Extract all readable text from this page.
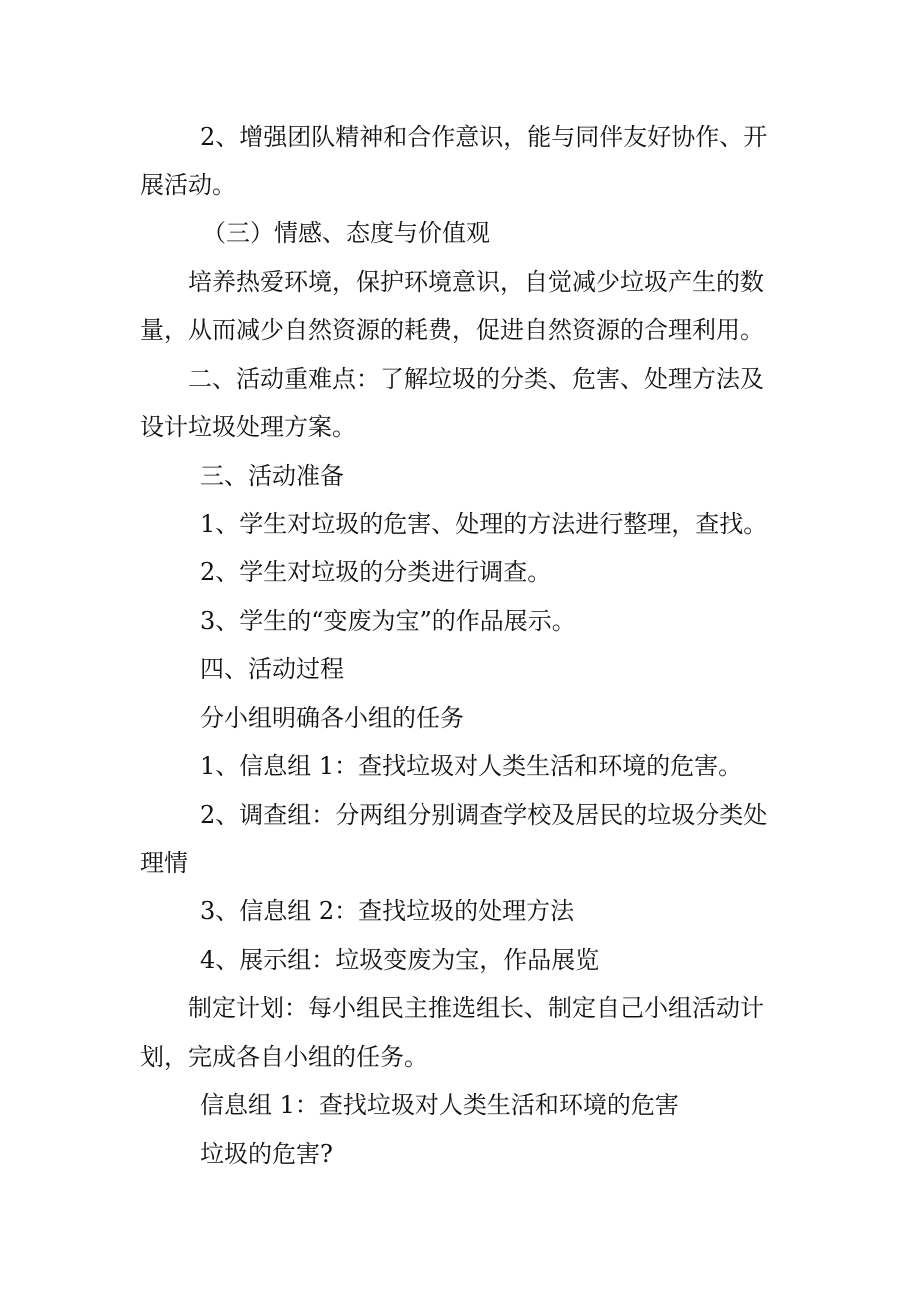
2、增强团队精神和合作意识，能与同伴友好协作、开
展活动。
（三）情感、态度与价值观
培养热爱环境，保护环境意识，自觉减少垃圾产生的数
量，从而减少自然资源的耗费，促进自然资源的合理利用。
二、活动重难点：了解垃圾的分类、危害、处理方法及
设计垃圾处理方案。
三、活动准备
1、学生对垃圾的危害、处理的方法进行整理，查找。
2、学生对垃圾的分类进行调查。
3、学生的“变废为宝”的作品展示。
四、活动过程
分小组明确各小组的任务
1、信息组 1：查找垃圾对人类生活和环境的危害。
2、调查组：分两组分别调查学校及居民的垃圾分类处
理情
3、信息组 2：查找垃圾的处理方法
4、展示组：垃圾变废为宝，作品展览
制定计划：每小组民主推选组长、制定自己小组活动计
划，完成各自小组的任务。
信息组 1：查找垃圾对人类生活和环境的危害
垃圾的危害?
